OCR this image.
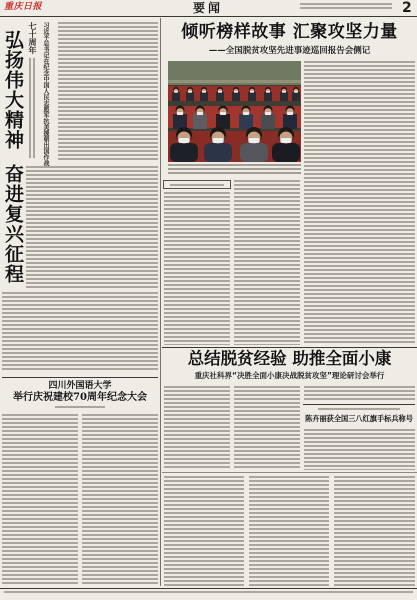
重庆日报	要闻	2
弘扬伟大精神
奋进复兴征程
七十周年 习近平总书记在纪念中国人民志愿军抗美援朝出国作战
四川外国语大学
举行庆祝建校70周年纪念大会
倾听榜样故事 汇聚攻坚力量
——全国脱贫攻坚先进事迹巡回报告会侧记
总结脱贫经验 助推全面小康
重庆社科界“决胜全面小康决战脱贫攻坚”理论研讨会举行
陈卉丽获全国三八红旗手标兵称号
